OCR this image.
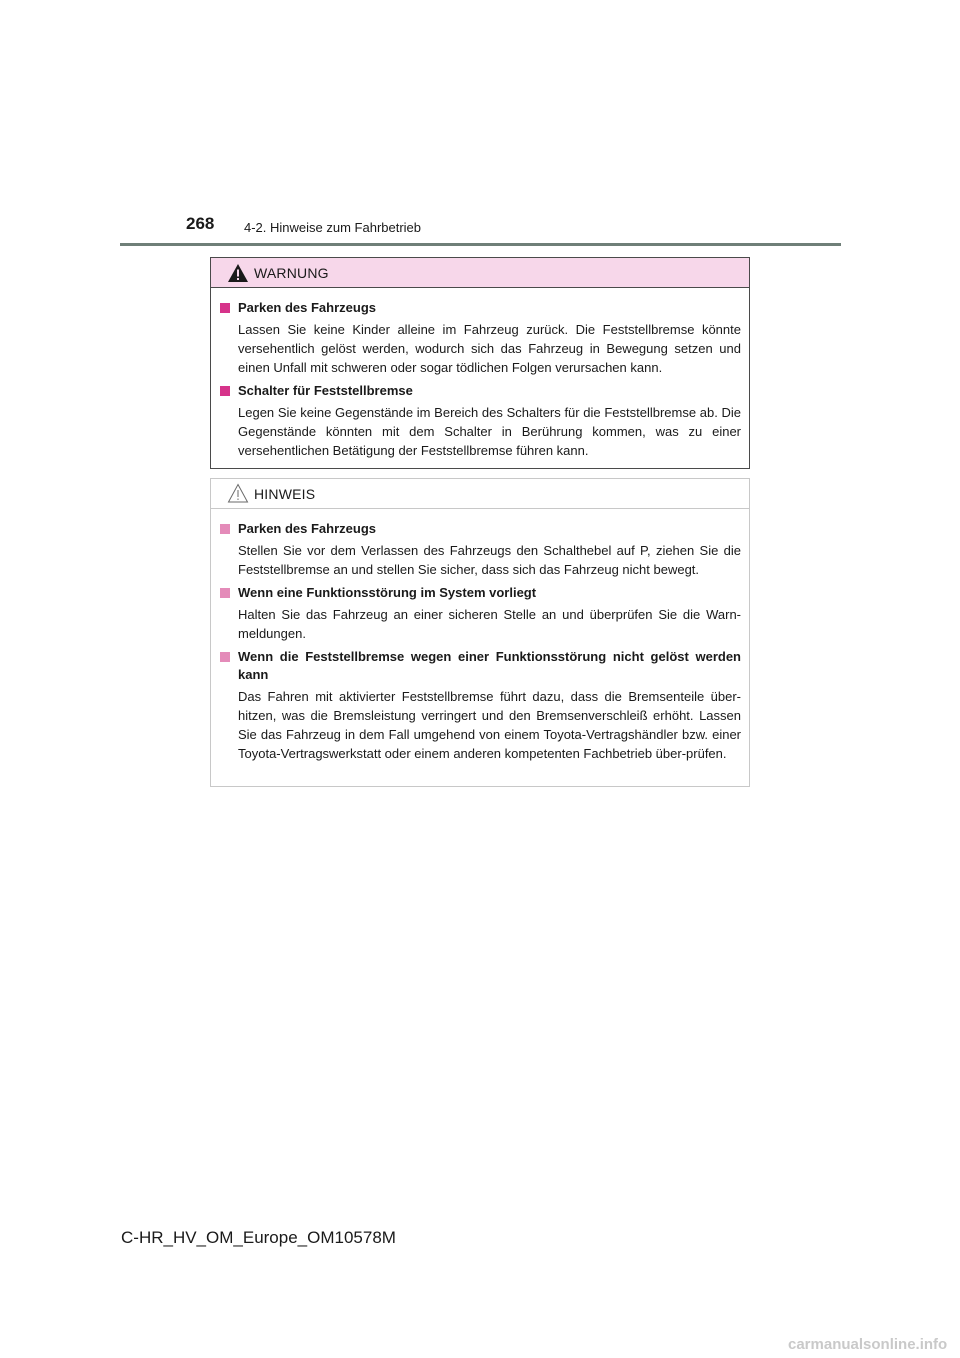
268 4-2. Hinweise zum Fahrbetrieb
WARNUNG
Parken des Fahrzeugs
Lassen Sie keine Kinder alleine im Fahrzeug zurück. Die Feststellbremse könnte versehentlich gelöst werden, wodurch sich das Fahrzeug in Bewegung setzen und einen Unfall mit schweren oder sogar tödlichen Folgen verursachen kann.
Schalter für Feststellbremse
Legen Sie keine Gegenstände im Bereich des Schalters für die Feststellbremse ab. Die Gegenstände könnten mit dem Schalter in Berührung kommen, was zu einer versehentlichen Betätigung der Feststellbremse führen kann.
HINWEIS
Parken des Fahrzeugs
Stellen Sie vor dem Verlassen des Fahrzeugs den Schalthebel auf P, ziehen Sie die Feststellbremse an und stellen Sie sicher, dass sich das Fahrzeug nicht bewegt.
Wenn eine Funktionsstörung im System vorliegt
Halten Sie das Fahrzeug an einer sicheren Stelle an und überprüfen Sie die Warn-meldungen.
Wenn die Feststellbremse wegen einer Funktionsstörung nicht gelöst werden kann
Das Fahren mit aktivierter Feststellbremse führt dazu, dass die Bremsenteile über-hitzen, was die Bremsleistung verringert und den Bremsenverschleiß erhöht. Lassen Sie das Fahrzeug in dem Fall umgehend von einem Toyota-Vertragshändler bzw. einer Toyota-Vertragswerkstatt oder einem anderen kompetenten Fachbetrieb über-prüfen.
C-HR_HV_OM_Europe_OM10578M
carmanualsonline.info
